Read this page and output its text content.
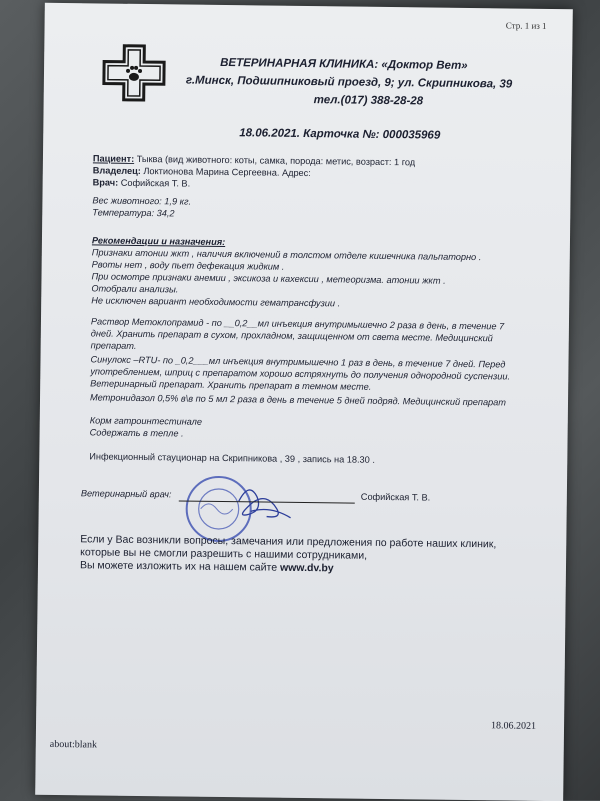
Стр. 1 из 1
ВЕТЕРИНАРНАЯ КЛИНИКА: «Доктор Вет»
г.Минск, Подшипниковый проезд, 9; ул. Скрипникова, 39
тел.(017) 388-28-28
18.06.2021. Карточка №: 000035969
Пациент: Тыква (вид животного: коты, самка, порода: метис, возраст: 1 год
Владелец: Локтионова Марина Сергеевна. Адрес:
Врач: Софийская Т. В.
Вес животного: 1,9 кг.
Температура: 34,2
Рекомендации и назначения:
Признаки атонии жкт , наличия включений в толстом отделе кишечника пальпаторно .
Рвоты нет , воду пьет дефекация жидким .
При осмотре признаки анемии , эксикоза и кахексии , метеоризма. атонии жкт .
Отобрали анализы.
Не исключен вариант необходимости гематрансфузии .
Раствор Метоклопрамид - по __0,2__мл инъекция внутримышечно 2 раза в день, в течение 7 дней. Хранить препарат в сухом, прохладном, защищенном от света месте. Медицинский препарат.
Синулокс –RTU- по _0,2___мл инъекция внутримышечно 1 раз в день, в течение 7 дней. Перед употреблением, шприц с препаратом хорошо встряхнуть до получения однородной суспензии. Ветеринарный препарат. Хранить препарат в темном месте.
Метронидазол 0,5% в\в по 5 мл 2 раза в день в течение 5 дней подряд. Медицинский препарат
Корм гатроинтестинале
Содержать в тепле .
Инфекционный стауционар на Скрипникова , 39 , запись на 18.30 .
Ветеринарный врач:	Софийская Т. В.
Если у Вас возникли вопросы, замечания или предложения по работе наших клиник, которые вы не смогли разрешить с нашими сотрудниками,
Вы можете изложить их на нашем сайте www.dv.by
18.06.2021
about:blank
